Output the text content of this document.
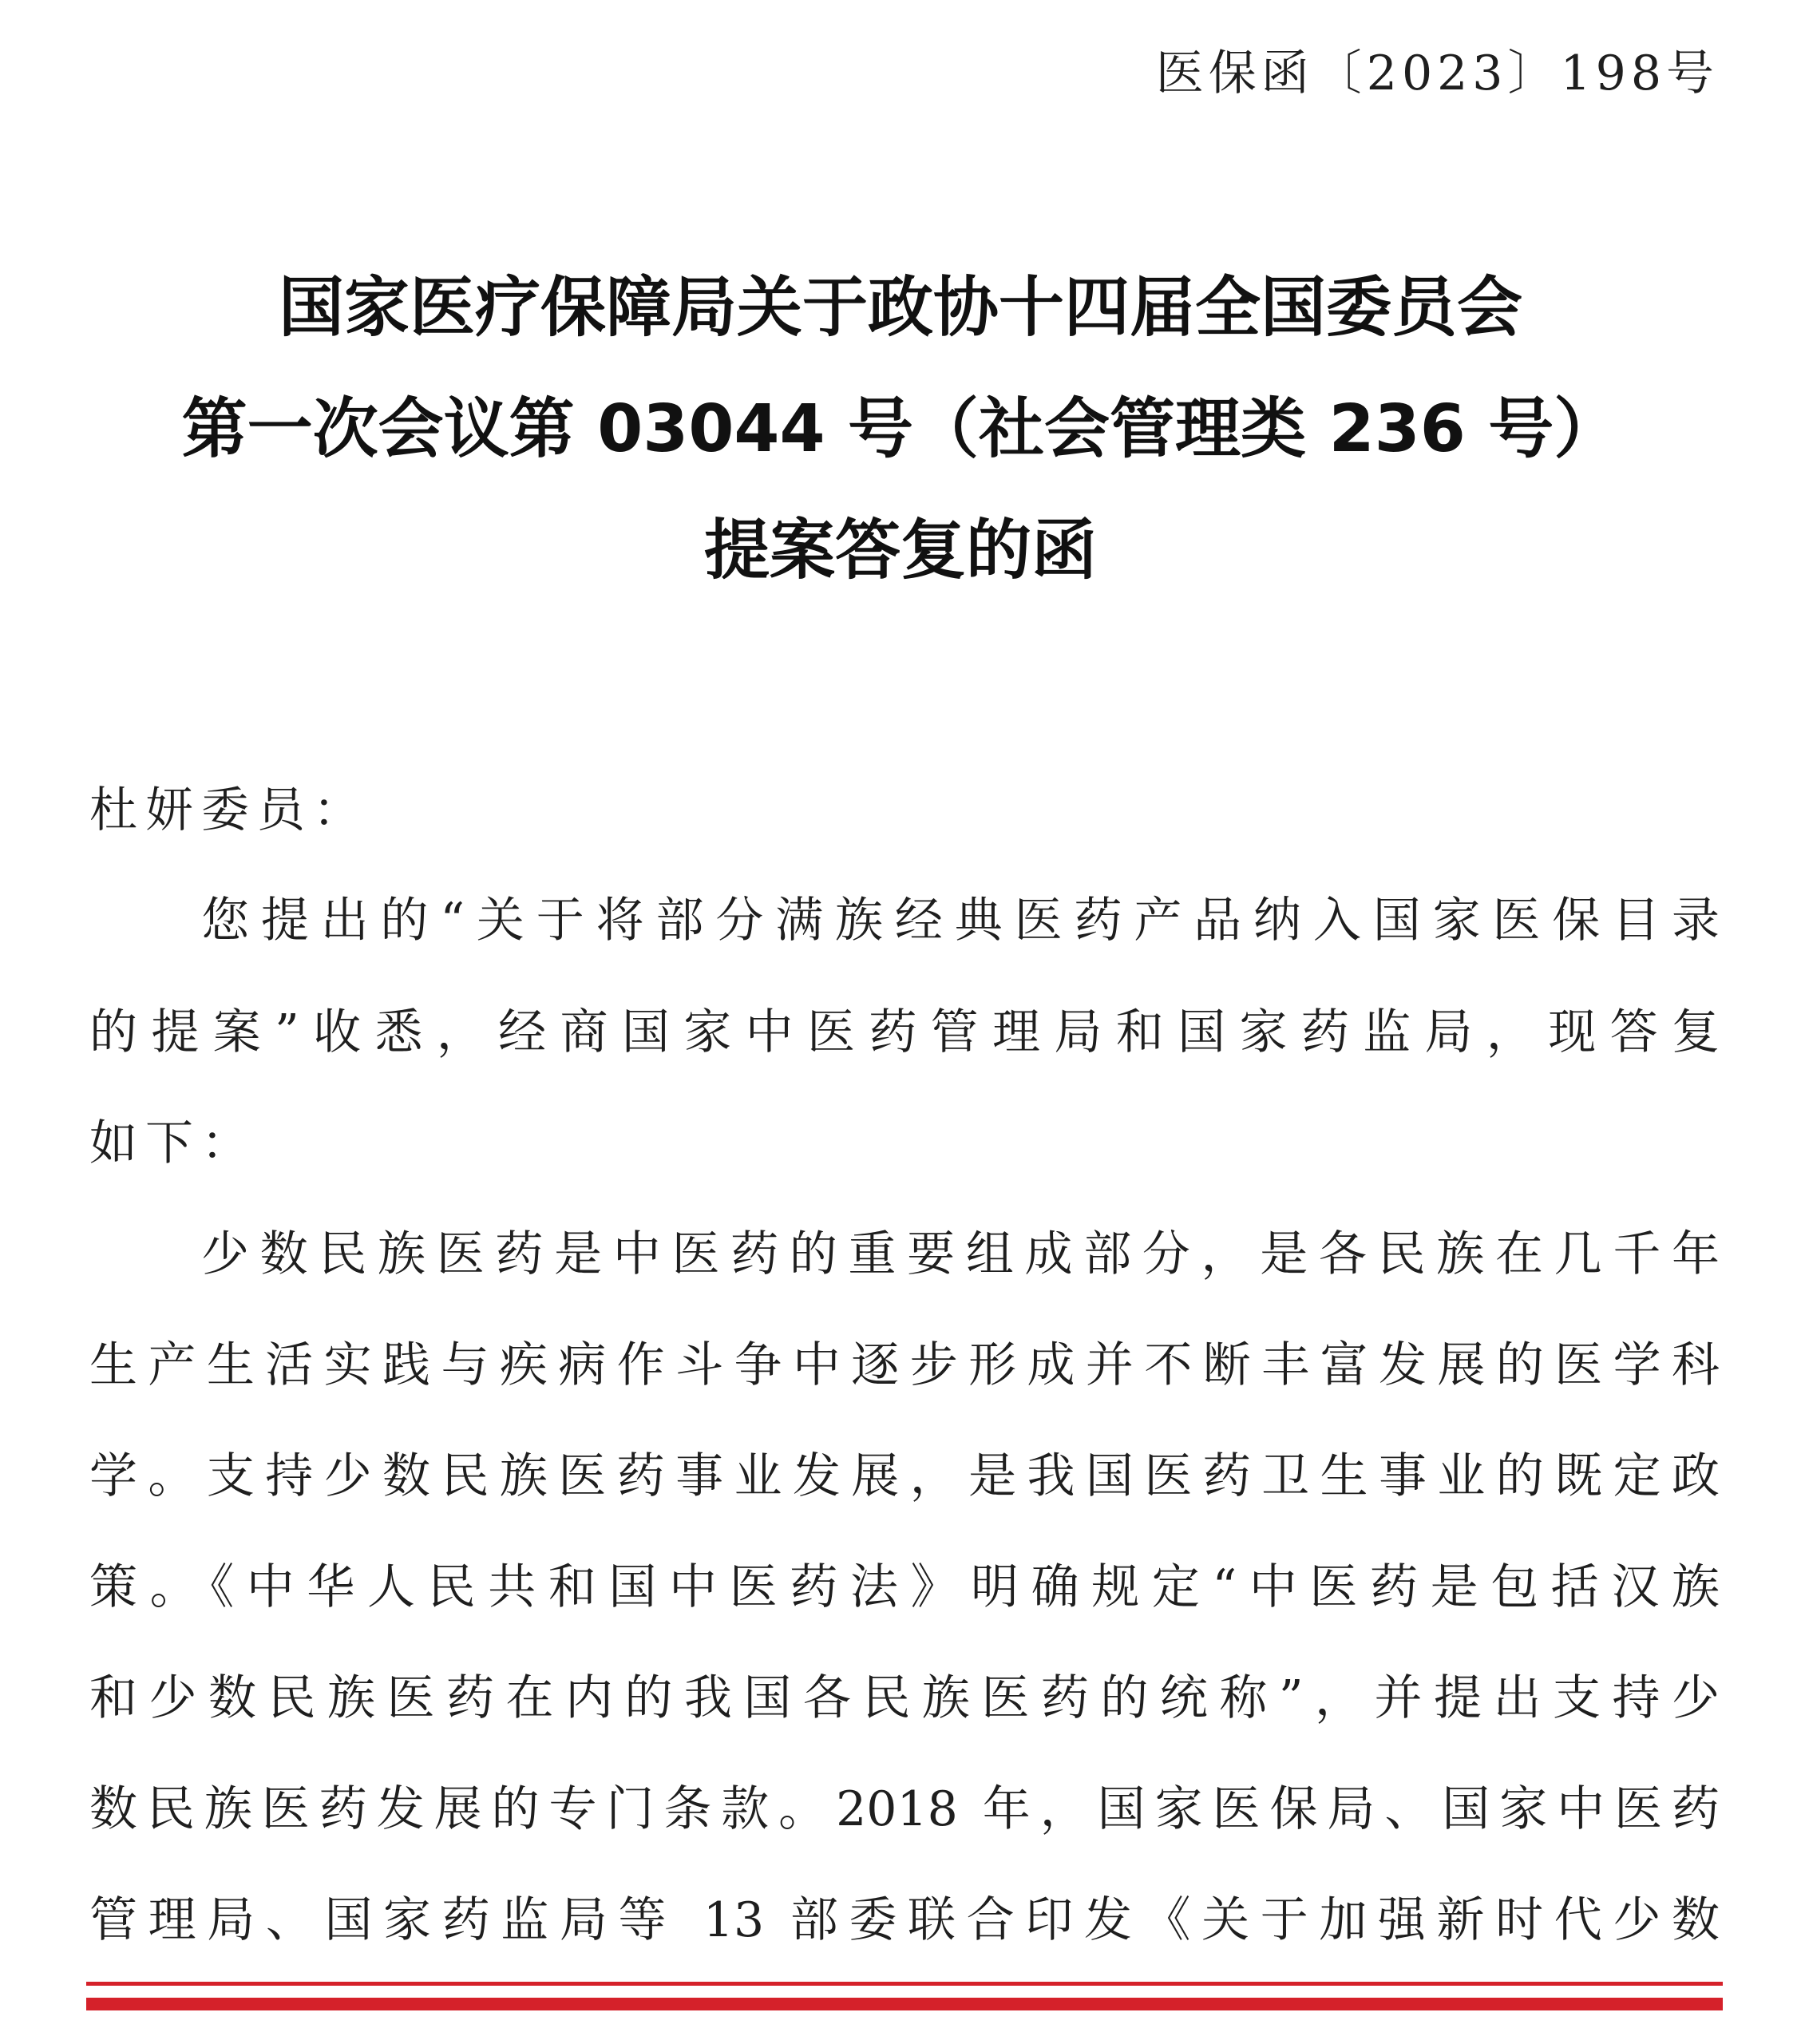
医保函〔2023〕198号
国家医疗保障局关于政协十四届全国委员会
第一次会议第 03044 号（社会管理类 236 号）
提案答复的函
杜妍委员：
您提出的“关于将部分满族经典医药产品纳入国家医保目录
的提案”收悉，经商国家中医药管理局和国家药监局，现答复
如下：
少数民族医药是中医药的重要组成部分，是各民族在几千年
生产生活实践与疾病作斗争中逐步形成并不断丰富发展的医学科
学。支持少数民族医药事业发展，是我国医药卫生事业的既定政
策。《中华人民共和国中医药法》明确规定“中医药是包括汉族
和少数民族医药在内的我国各民族医药的统称”，并提出支持少
数民族医药发展的专门条款。2018 年，国家医保局、国家中医药
管理局、国家药监局等 13 部委联合印发《关于加强新时代少数
